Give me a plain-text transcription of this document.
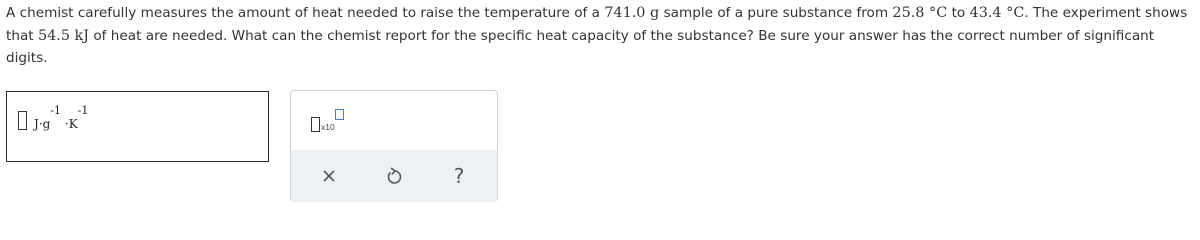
A chemist carefully measures the amount of heat needed to raise the temperature of a 741.0 g sample of a pure substance from 25.8 °C to 43.4 °C. The experiment shows that 54.5 kJ of heat are needed. What can the chemist report for the specific heat capacity of the substance? Be sure your answer has the correct number of significant digits.
$J\cdot g^{-1} \cdot K^{-1}$
x10
?
